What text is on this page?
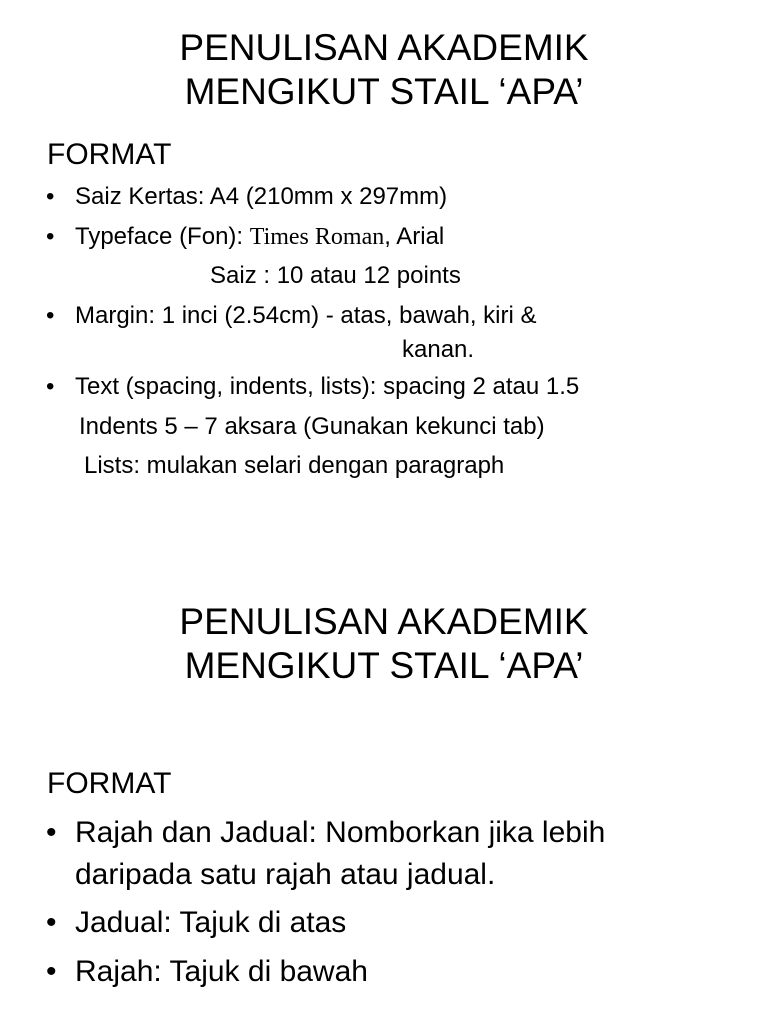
PENULISAN AKADEMIK
MENGIKUT STAIL ‘APA’
FORMAT
• Saiz Kertas: A4 (210mm x 297mm)
• Typeface (Fon): Times Roman, Arial
Saiz : 10 atau 12 points
• Margin: 1 inci (2.54cm) - atas, bawah, kiri &
kanan.
• Text (spacing, indents, lists): spacing 2 atau 1.5
Indents 5 – 7 aksara (Gunakan kekunci tab)
Lists: mulakan selari dengan paragraph
PENULISAN AKADEMIK
MENGIKUT STAIL ‘APA’
FORMAT
• Rajah dan Jadual: Nomborkan jika lebih
daripada satu rajah atau jadual.
• Jadual: Tajuk di atas
• Rajah: Tajuk di bawah
